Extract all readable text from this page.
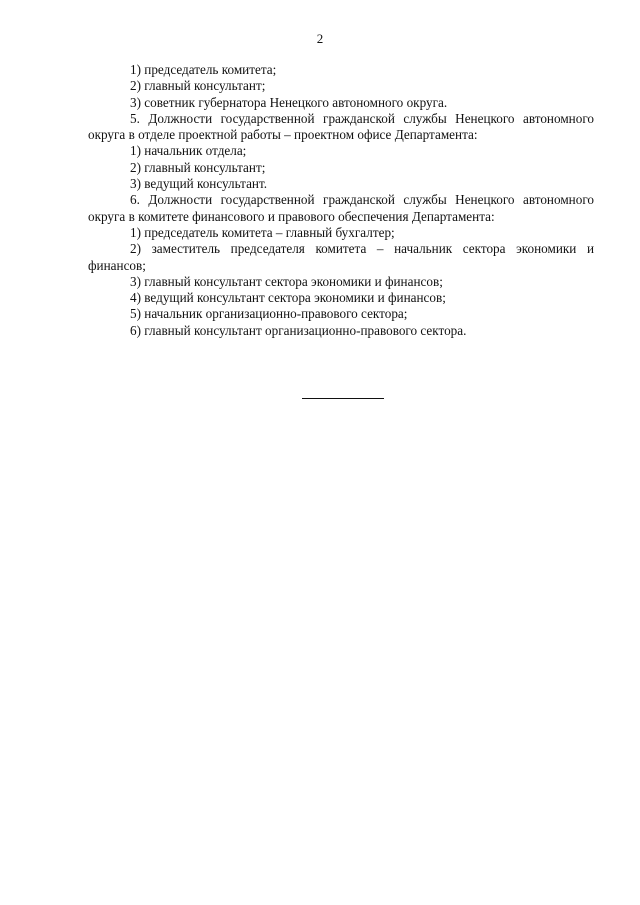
2

1) председатель комитета;

2) главный консультант;

3) советник губернатора Ненецкого автономного округа.

5. Должности государственной гражданской службы Ненецкого автономного округа в отделе проектной работы – проектном офисе Департамента:

1) начальник отдела;

2) главный консультант;

3) ведущий консультант.

6. Должности государственной гражданской службы Ненецкого автономного округа в комитете финансового и правового обеспечения Департамента:

1) председатель комитета – главный бухгалтер;

2) заместитель председателя комитета – начальник сектора экономики и финансов;

3) главный консультант сектора экономики и финансов;

4) ведущий консультант сектора экономики и финансов;

5) начальник организационно-правового сектора;

6) главный консультант организационно-правового сектора.
